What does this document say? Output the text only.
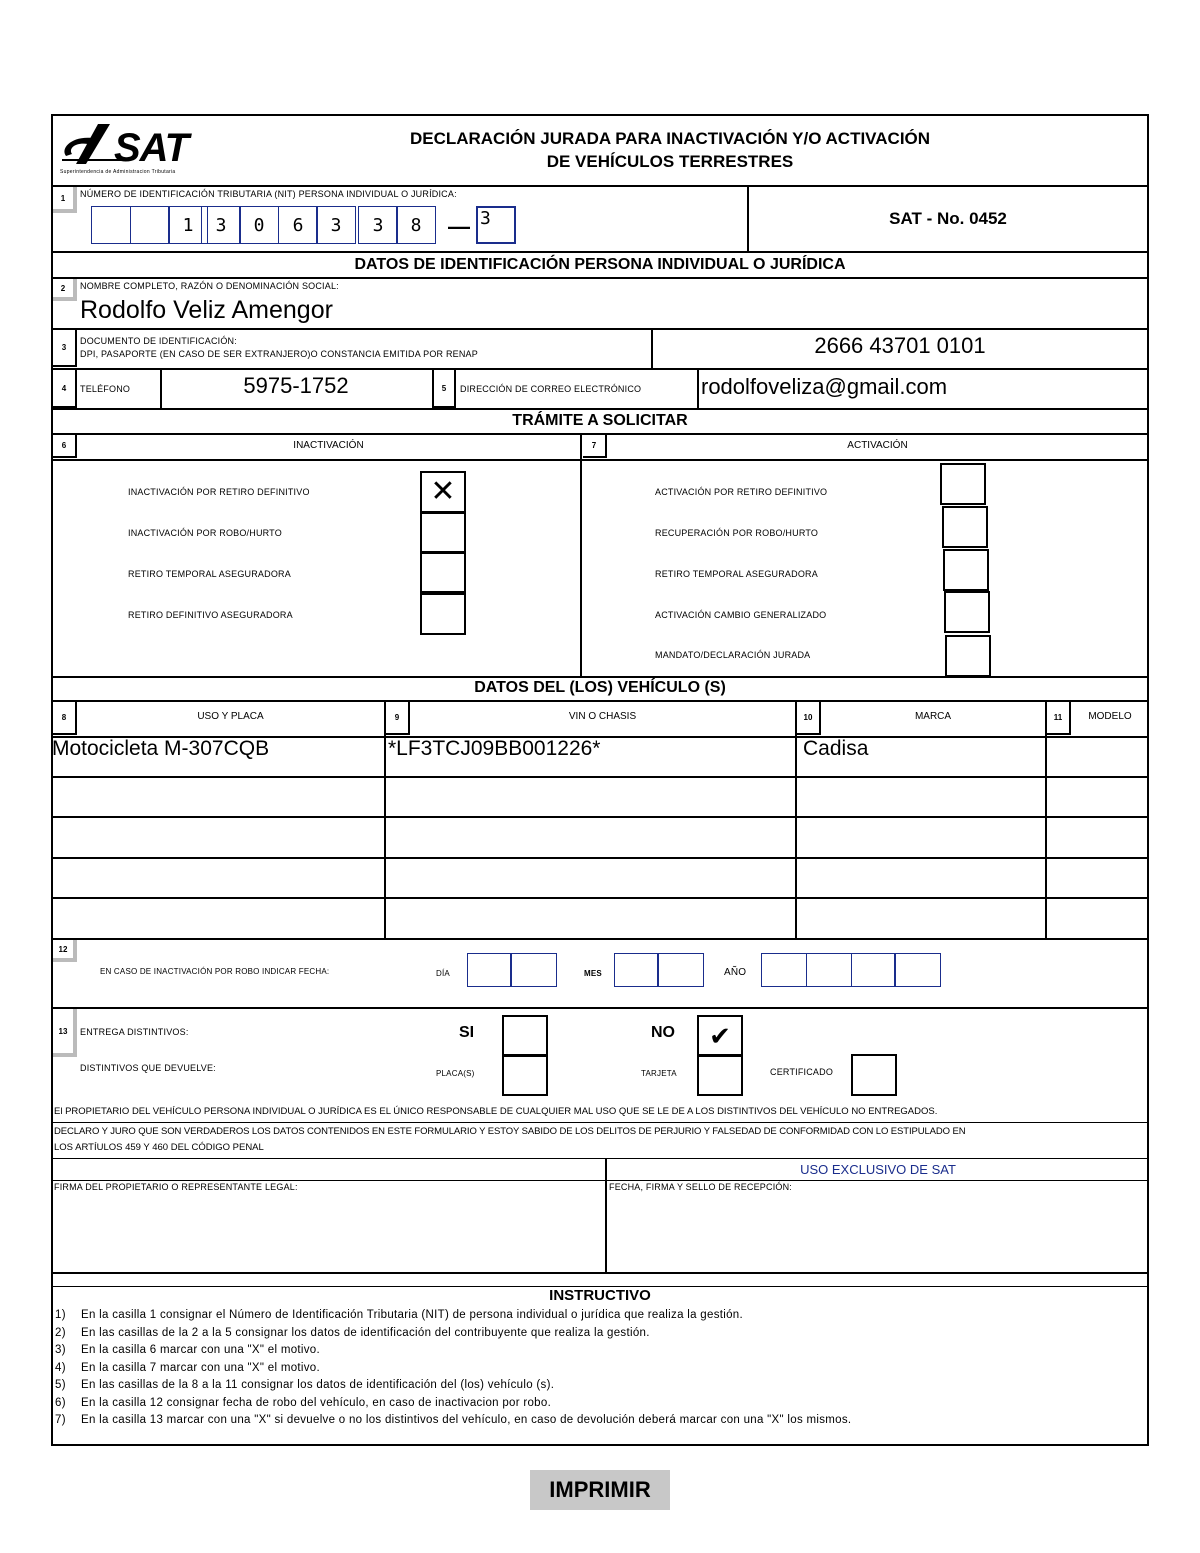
SAT
Superintendencia de Administracion Tributaria
DECLARACIÓN JURADA PARA INACTIVACIÓN Y/O ACTIVACIÓN
DE VEHÍCULOS TERRESTRES
1	NÚMERO DE IDENTIFICACIÓN TRIBUTARIA (NIT) PERSONA INDIVIDUAL O JURÍDICA:
1	3	0	6	3	3	8	— 3	SAT - No. 0452
DATOS DE IDENTIFICACIÓN PERSONA INDIVIDUAL O JURÍDICA
2	NOMBRE COMPLETO, RAZÓN O DENOMINACIÓN SOCIAL:
Rodolfo Veliz Amengor
3
DOCUMENTO DE IDENTIFICACIÓN:
DPI, PASAPORTE (EN CASO DE SER EXTRANJERO)O CONSTANCIA EMITIDA POR RENAP	2666 43701 0101
4	TELÉFONO	5975-1752	5	DIRECCIÓN DE CORREO ELECTRÓNICO	rodolfoveliza@gmail.com
TRÁMITE A SOLICITAR
6	INACTIVACIÓN	7	ACTIVACIÓN
INACTIVACIÓN POR RETIRO DEFINITIVO	✕
INACTIVACIÓN POR ROBO/HURTO
RETIRO TEMPORAL ASEGURADORA
RETIRO DEFINITIVO ASEGURADORA
ACTIVACIÓN POR RETIRO DEFINITIVO
RECUPERACIÓN POR ROBO/HURTO
RETIRO TEMPORAL ASEGURADORA
ACTIVACIÓN CAMBIO GENERALIZADO
MANDATO/DECLARACIÓN JURADA
DATOS DEL (LOS) VEHÍCULO (S)
8	USO Y PLACA	9	VIN O CHASIS	10	MARCA	11	MODELO
Motocicleta M-307CQB	*LF3TCJ09BB001226*	Cadisa
12
EN CASO DE INACTIVACIÓN POR ROBO INDICAR FECHA:	DÍA	MES	AÑO
13	ENTREGA DISTINTIVOS:	SI	NO	✔
DISTINTIVOS QUE DEVUELVE:
PLACA(S)	TARJETA	CERTIFICADO
El PROPIETARIO DEL VEHÍCULO PERSONA INDIVIDUAL O JURÍDICA ES EL ÚNICO RESPONSABLE DE CUALQUIER MAL USO QUE SE LE DE A LOS DISTINTIVOS DEL VEHÍCULO NO ENTREGADOS.
DECLARO Y JURO QUE SON VERDADEROS LOS DATOS CONTENIDOS EN ESTE FORMULARIO Y ESTOY SABIDO DE LOS DELITOS DE PERJURIO Y FALSEDAD DE CONFORMIDAD CON LO ESTIPULADO EN
LOS ARTÍULOS 459 Y 460 DEL CÓDIGO PENAL
USO EXCLUSIVO DE SAT
FIRMA DEL PROPIETARIO O REPRESENTANTE LEGAL:	FECHA, FIRMA Y SELLO DE RECEPCIÓN:
INSTRUCTIVO
1) En la casilla 1 consignar el Número de Identificación Tributaria (NIT) de persona individual o jurídica que realiza la gestión.
2) En las casillas de la 2 a la 5 consignar los datos de identificación del contribuyente que realiza la gestión.
3) En la casilla 6 marcar con una "X" el motivo.
4) En la casilla 7 marcar con una "X" el motivo.
5) En las casillas de la 8 a la 11 consignar los datos de identificación del (los) vehículo (s).
6) En la casilla 12 consignar fecha de robo del vehículo, en caso de inactivacion por robo.
7) En la casilla 13 marcar con una "X" si devuelve o no los distintivos del vehículo, en caso de devolución deberá marcar con una "X" los mismos.
IMPRIMIR
